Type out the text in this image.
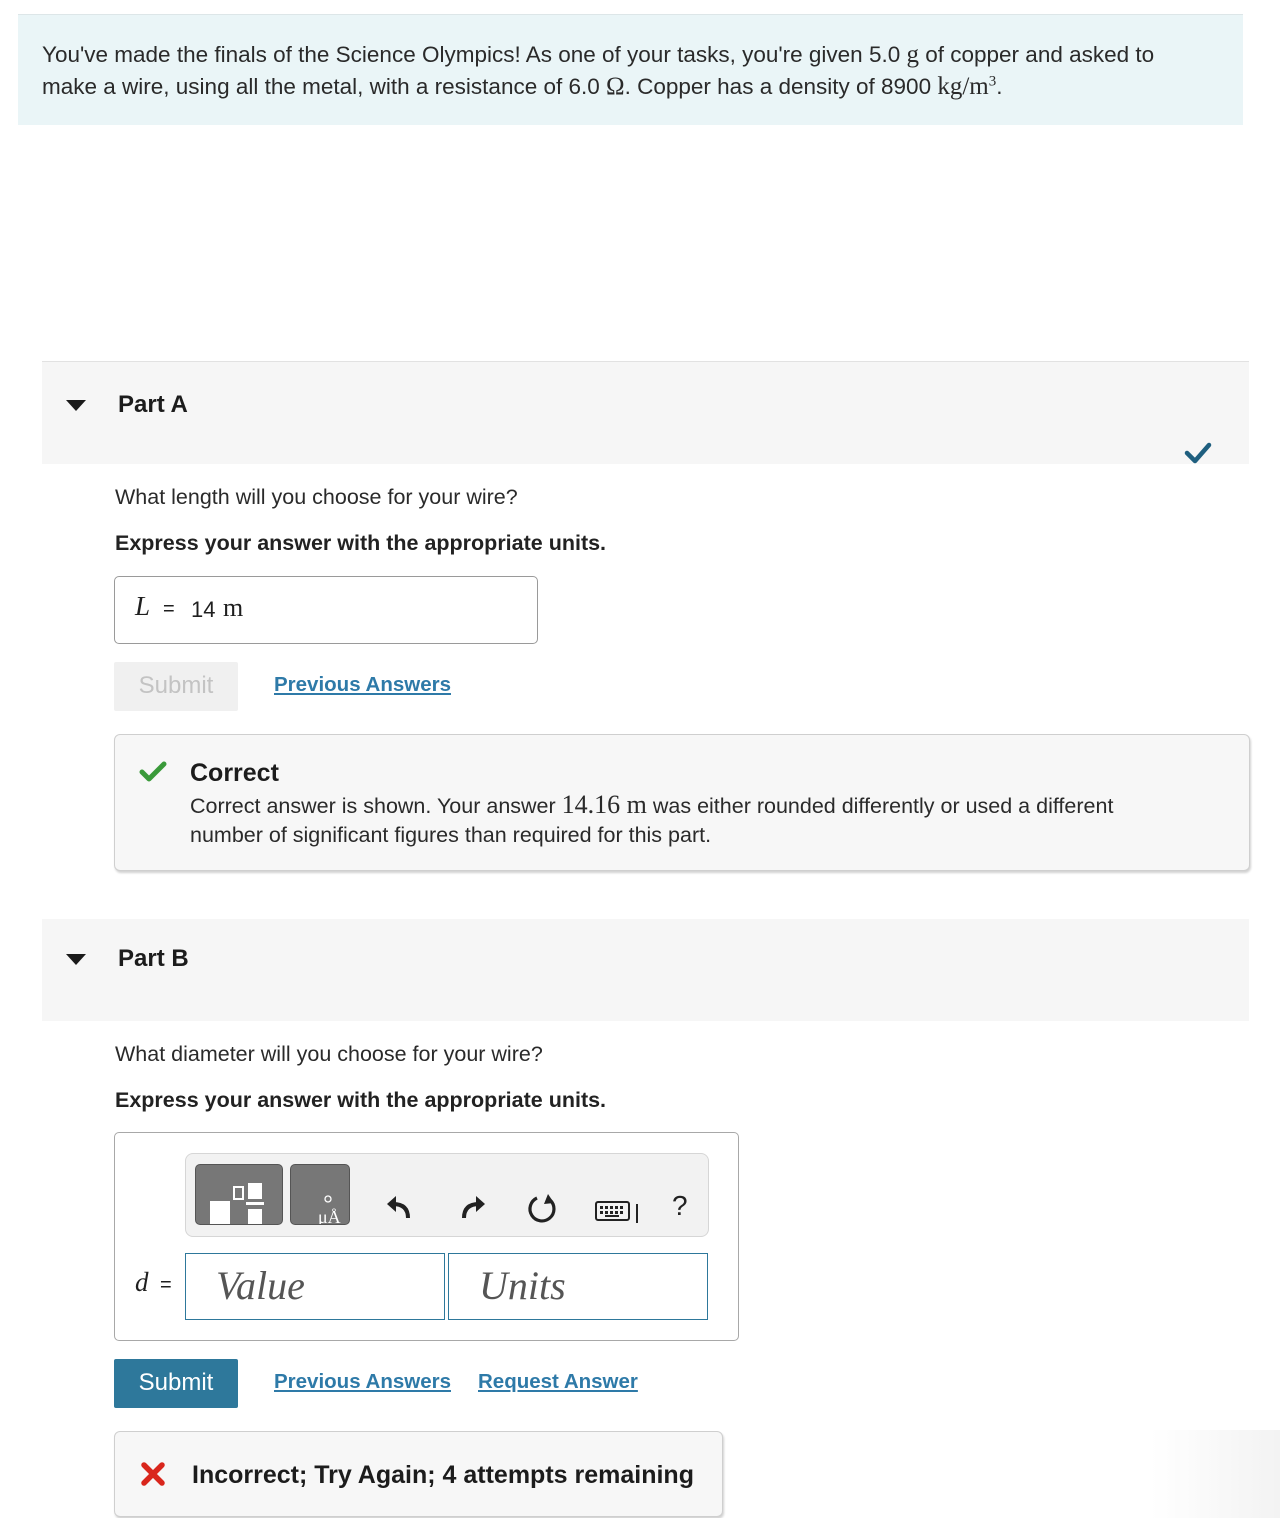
You've made the finals of the Science Olympics! As one of your tasks, you're given 5.0 g of copper and asked to
make a wire, using all the metal, with a resistance of 6.0 Ω. Copper has a density of 8900 $kg/m^3$.
Part A
What length will you choose for your wire?
Express your answer with the appropriate units.
L = 14 m
Submit	Previous Answers
Correct
Correct answer is shown. Your answer 14.16 m was either rounded differently or used a different
number of significant figures than required for this part.
Part B
What diameter will you choose for your wire?
Express your answer with the appropriate units.
μÅ	?
d =	Value	Units
Submit	Previous Answers Request Answer
Incorrect; Try Again; 4 attempts remaining
